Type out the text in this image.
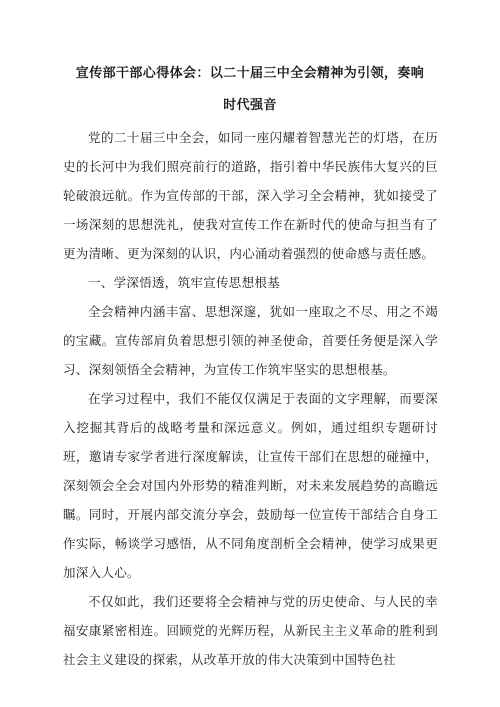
宣传部干部心得体会：以二十届三中全会精神为引领，奏响
时代强音

党的二十届三中全会，如同一座闪耀着智慧光芒的灯塔，在历史的长河中为我们照亮前行的道路，指引着中华民族伟大复兴的巨轮破浪远航。作为宣传部的干部，深入学习全会精神，犹如接受了一场深刻的思想洗礼，使我对宣传工作在新时代的使命与担当有了更为清晰、更为深刻的认识，内心涌动着强烈的使命感与责任感。

一、学深悟透，筑牢宣传思想根基

全会精神内涵丰富、思想深邃，犹如一座取之不尽、用之不竭的宝藏。宣传部肩负着思想引领的神圣使命，首要任务便是深入学习、深刻领悟全会精神，为宣传工作筑牢坚实的思想根基。

在学习过程中，我们不能仅仅满足于表面的文字理解，而要深入挖掘其背后的战略考量和深远意义。例如，通过组织专题研讨班，邀请专家学者进行深度解读，让宣传干部们在思想的碰撞中，深刻领会全会对国内外形势的精准判断，对未来发展趋势的高瞻远瞩。同时，开展内部交流分享会，鼓励每一位宣传干部结合自身工作实际，畅谈学习感悟，从不同角度剖析全会精神，使学习成果更加深入人心。

不仅如此，我们还要将全会精神与党的历史使命、与人民的幸福安康紧密相连。回顾党的光辉历程，从新民主主义革命的胜利到社会主义建设的探索，从改革开放的伟大决策到中国特色社
